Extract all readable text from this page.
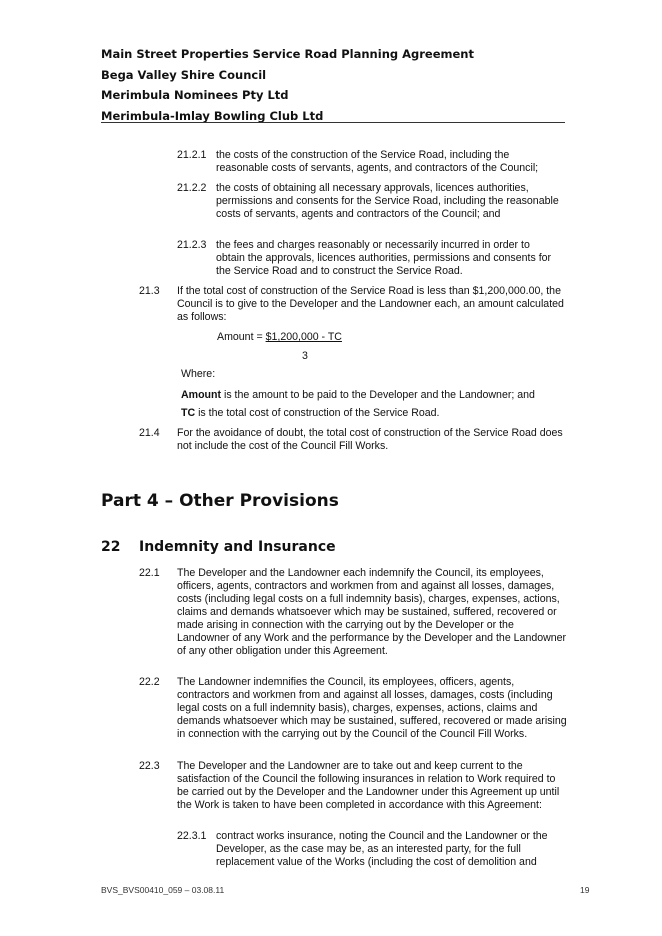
Main Street Properties Service Road Planning Agreement
Bega Valley Shire Council
Merimbula Nominees Pty Ltd
Merimbula-Imlay Bowling Club Ltd
21.2.1 the costs of the construction of the Service Road, including the reasonable costs of servants, agents, and contractors of the Council;
21.2.2 the costs of obtaining all necessary approvals, licences authorities, permissions and consents for the Service Road, including the reasonable costs of servants, agents and contractors of the Council; and
21.2.3 the fees and charges reasonably or necessarily incurred in order to obtain the approvals, licences authorities, permissions and consents for the Service Road and to construct the Service Road.
21.3 If the total cost of construction of the Service Road is less than $1,200,000.00, the Council is to give to the Developer and the Landowner each, an amount calculated as follows:
Amount = $1,200,000 - TC
3
Where:
Amount is the amount to be paid to the Developer and the Landowner; and
TC is the total cost of construction of the Service Road.
21.4 For the avoidance of doubt, the total cost of construction of the Service Road does not include the cost of the Council Fill Works.
Part 4 – Other Provisions
22 Indemnity and Insurance
22.1 The Developer and the Landowner each indemnify the Council, its employees, officers, agents, contractors and workmen from and against all losses, damages, costs (including legal costs on a full indemnity basis), charges, expenses, actions, claims and demands whatsoever which may be sustained, suffered, recovered or made arising in connection with the carrying out by the Developer or the Landowner of any Work and the performance by the Developer and the Landowner of any other obligation under this Agreement.
22.2 The Landowner indemnifies the Council, its employees, officers, agents, contractors and workmen from and against all losses, damages, costs (including legal costs on a full indemnity basis), charges, expenses, actions, claims and demands whatsoever which may be sustained, suffered, recovered or made arising in connection with the carrying out by the Council of the Council Fill Works.
22.3 The Developer and the Landowner are to take out and keep current to the satisfaction of the Council the following insurances in relation to Work required to be carried out by the Developer and the Landowner under this Agreement up until the Work is taken to have been completed in accordance with this Agreement:
22.3.1 contract works insurance, noting the Council and the Landowner or the Developer, as the case may be, as an interested party, for the full replacement value of the Works (including the cost of demolition and
BVS_BVS00410_059 – 03.08.11	19
